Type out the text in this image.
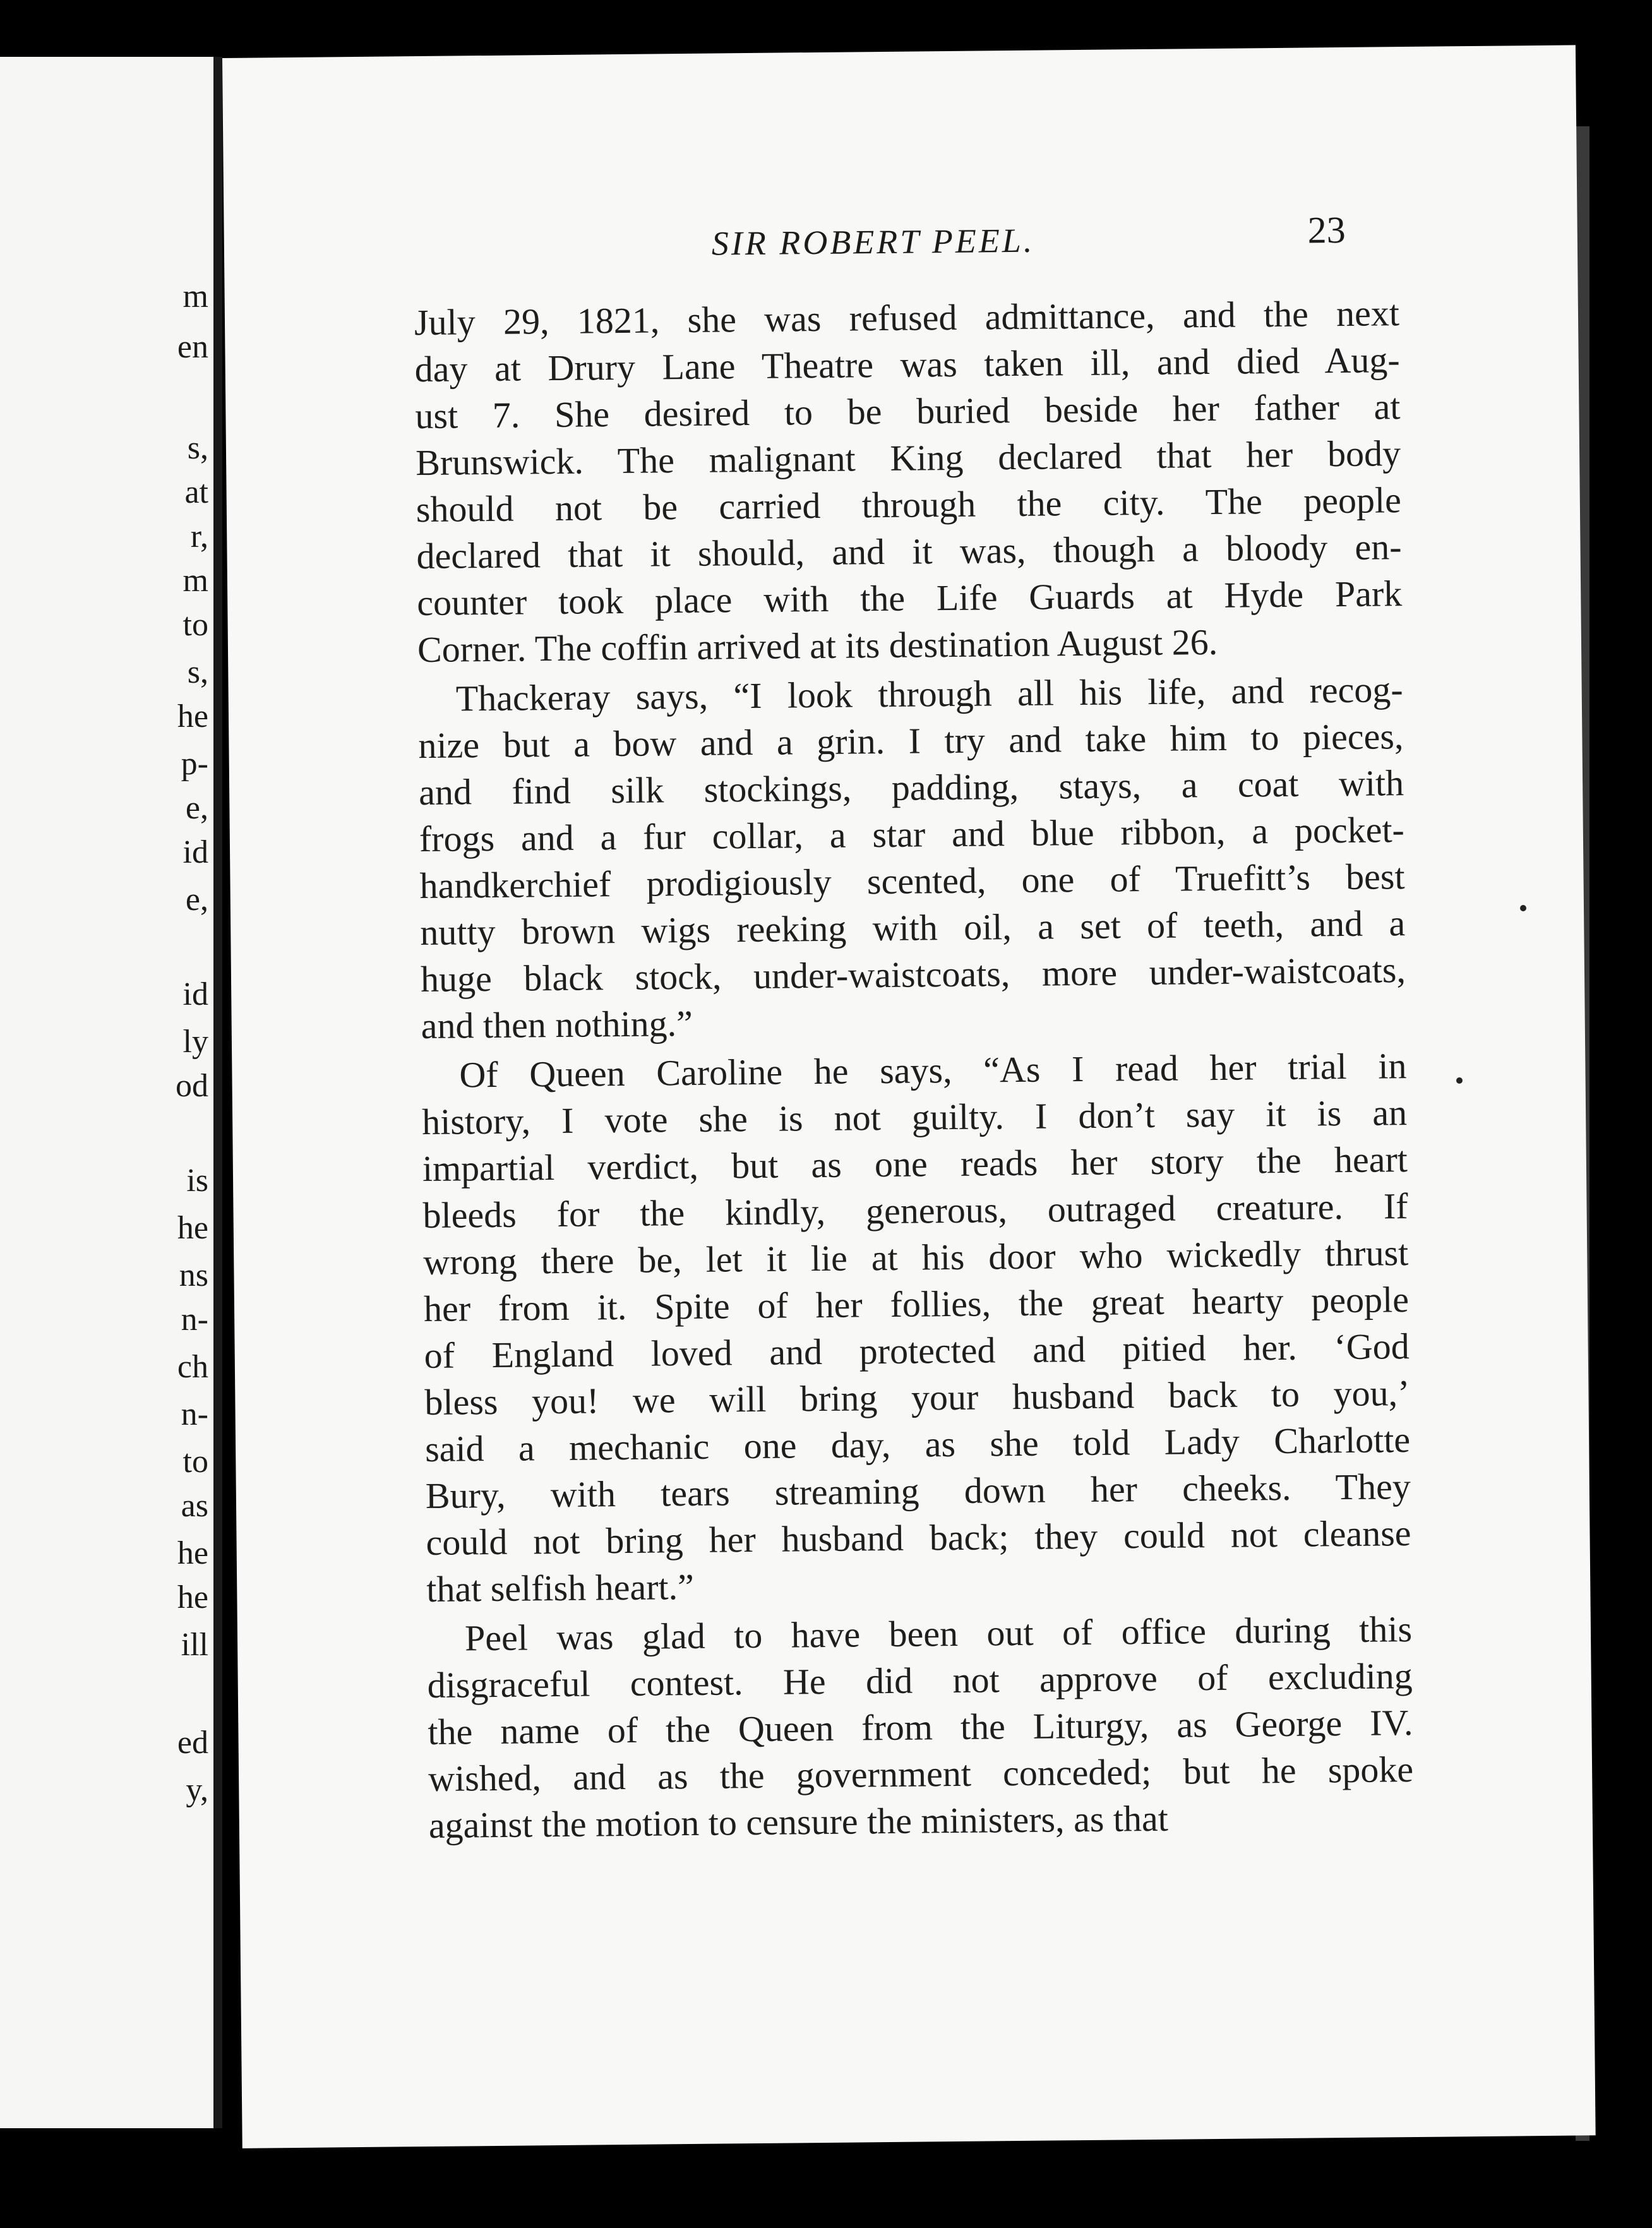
m
en
s,
at
r,
m
to
s,
he
p-
e,
id
e,
id
ly
od
is
he
ns
n-
ch
n-
to
as
he
he
ill
ed
y,
SIR ROBERT PEEL.	23
July 29, 1821, she was refused admittance, and the next
day at Drury Lane Theatre was taken ill, and died Aug-
ust 7. She desired to be buried beside her father at
Brunswick. The malignant King declared that her body
should not be carried through the city. The people
declared that it should, and it was, though a bloody en-
counter took place with the Life Guards at Hyde Park
Corner. The coffin arrived at its destination August 26.
Thackeray says, “I look through all his life, and recog-
nize but a bow and a grin. I try and take him to pieces,
and find silk stockings, padding, stays, a coat with
frogs and a fur collar, a star and blue ribbon, a pocket-
handkerchief prodigiously scented, one of Truefitt’s best
nutty brown wigs reeking with oil, a set of teeth, and a
huge black stock, under-waistcoats, more under-waistcoats,
and then nothing.”
Of Queen Caroline he says, “As I read her trial in
history, I vote she is not guilty. I don’t say it is an
impartial verdict, but as one reads her story the heart
bleeds for the kindly, generous, outraged creature. If
wrong there be, let it lie at his door who wickedly thrust
her from it. Spite of her follies, the great hearty people
of England loved and protected and pitied her. ‘God
bless you! we will bring your husband back to you,’
said a mechanic one day, as she told Lady Charlotte
Bury, with tears streaming down her cheeks. They
could not bring her husband back; they could not cleanse
that selfish heart.”
Peel was glad to have been out of office during this
disgraceful contest. He did not approve of excluding
the name of the Queen from the Liturgy, as George IV.
wished, and as the government conceded; but he spoke
against the motion to censure the ministers, as that
